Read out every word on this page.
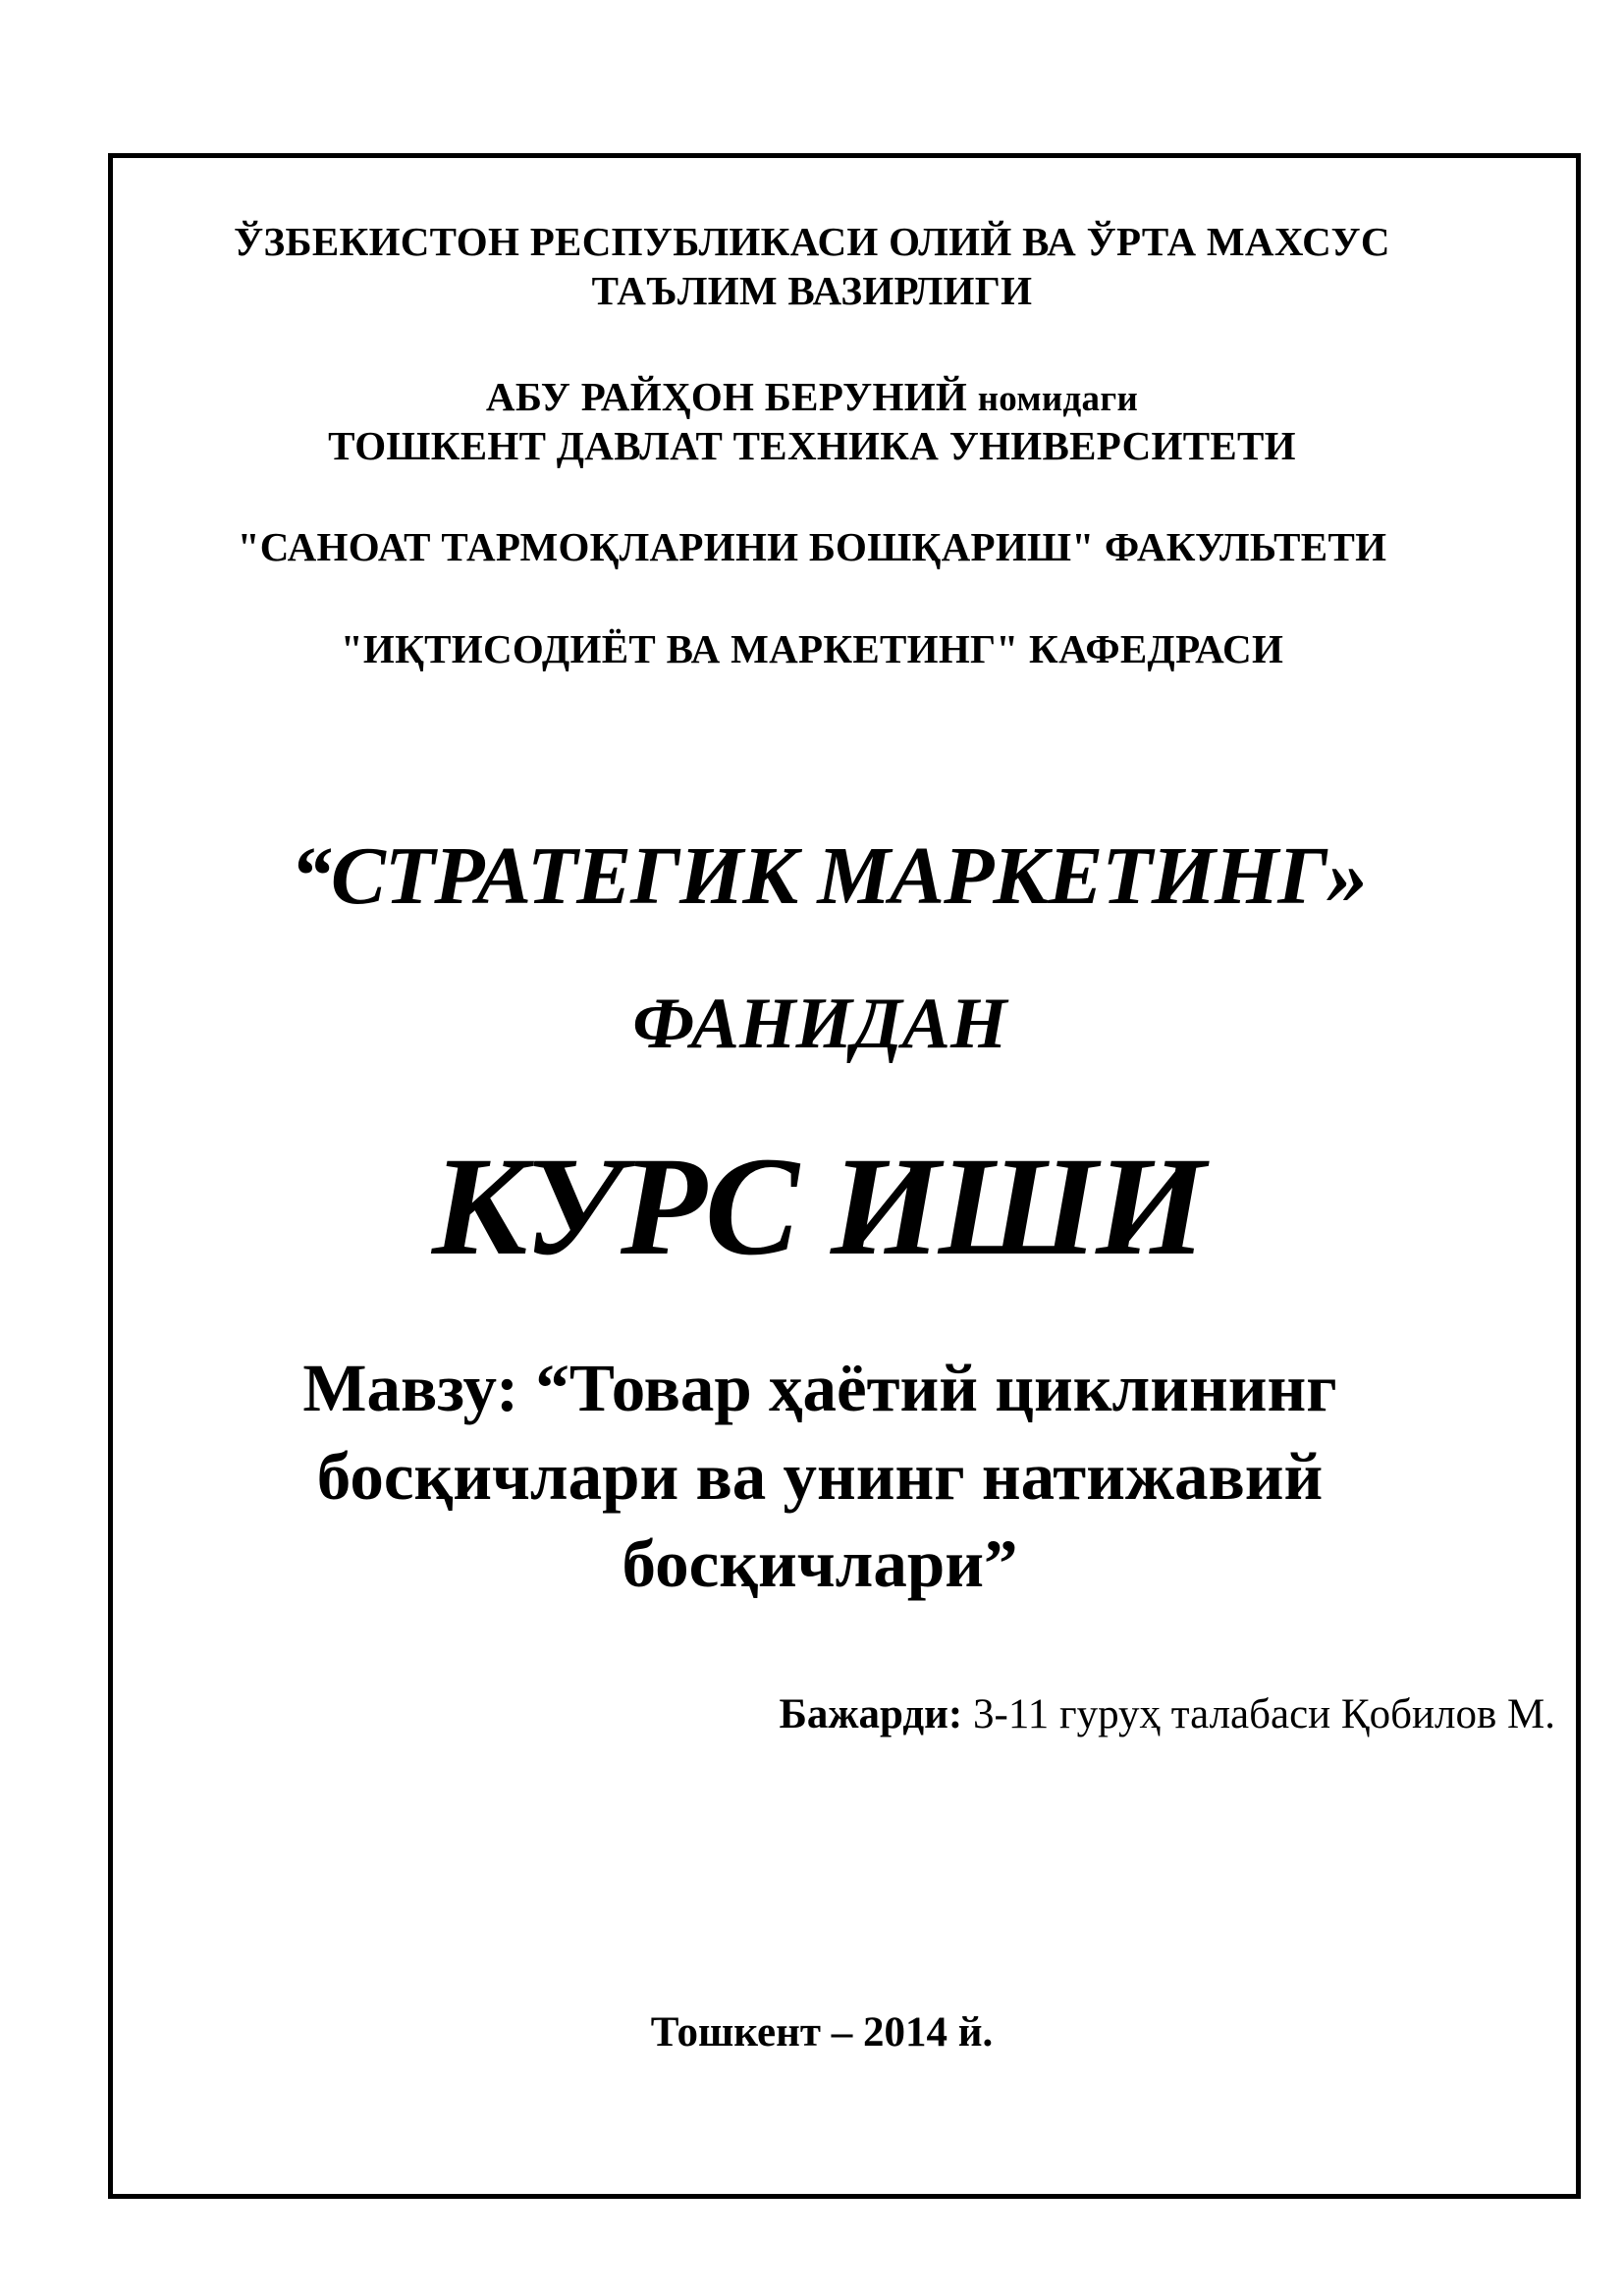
ЎЗБЕКИСТОН РЕСПУБЛИКАСИ ОЛИЙ ВА ЎРТА МАХСУС
ТАЪЛИМ ВАЗИРЛИГИ
АБУ РАЙҲОН БЕРУНИЙ номидаги
ТОШКЕНТ ДАВЛАТ ТЕХНИКА УНИВЕРСИТЕТИ
"САНОАТ ТАРМОҚЛАРИНИ БОШҚАРИШ" ФАКУЛЬТЕТИ
"ИҚТИСОДИЁТ ВА МАРКЕТИНГ" КАФЕДРАСИ
“СТРАТЕГИК МАРКЕТИНГ»
ФАНИДАН
КУРС ИШИ
Мавзу: “Товар ҳаётий циклининг
босқичлари ва унинг натижавий
босқичлари”
Бажарди: 3-11 гуруҳ талабаси Қобилов М.
Тошкент – 2014 й.
